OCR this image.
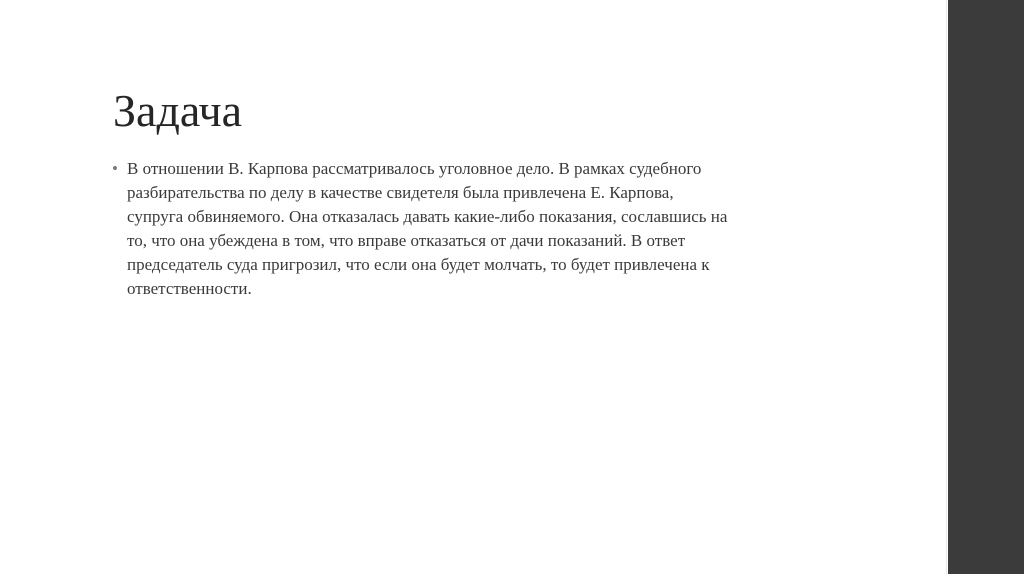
Задача
• В отношении В. Карпова рассматривалось уголовное дело. В рамках судебного
разбирательства по делу в качестве свидетеля была привлечена Е. Карпова,
супруга обвиняемого. Она отказалась давать какие-либо показания, сославшись на
то, что она убеждена в том, что вправе отказаться от дачи показаний. В ответ
председатель суда пригрозил, что если она будет молчать, то будет привлечена к
ответственности.
